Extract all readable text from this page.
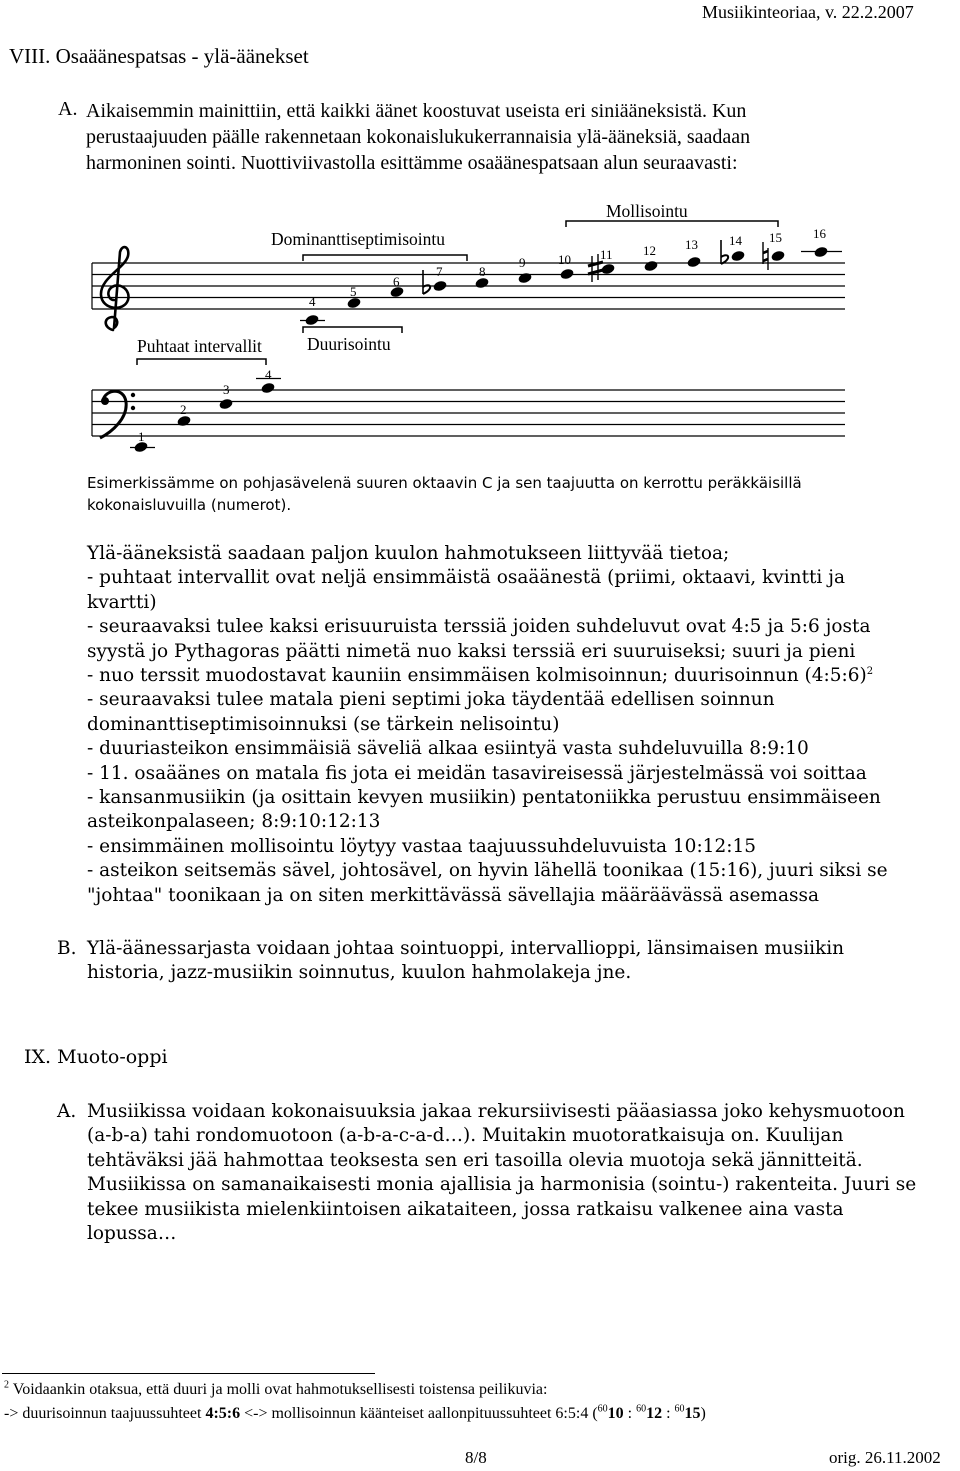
Musiikinteoriaa, v. 22.2.2007
VIII. Osaäänespatsas - ylä-äänekset
A. Aikaisemmin mainittiin, että kaikki äänet koostuvat useista eri siniääneksistä. Kun
perustaajuuden päälle rakennetaan kokonaislukukerrannaisia ylä-ääneksiä, saadaan
harmoninen sointi. Nuottiviivastolla esittämme osaäänespatsaan alun seuraavasti:
Mollisointu
Dominanttiseptimisointu
Puhtaat intervallit	Duurisointu
1
2
3
4
4
5
6
7	8
9	10 11 12 13 14 15 16
Esimerkissämme on pohjasävelenä suuren oktaavin C ja sen taajuutta on kerrottu peräkkäisillä
kokonaisluvuilla (numerot).
Ylä-ääneksistä saadaan paljon kuulon hahmotukseen liittyvää tietoa;
- puhtaat intervallit ovat neljä ensimmäistä osaäänestä (priimi, oktaavi, kvintti ja
kvartti)
- seuraavaksi tulee kaksi erisuuruista terssiä joiden suhdeluvut ovat 4:5 ja 5:6 josta
syystä jo Pythagoras päätti nimetä nuo kaksi terssiä eri suuruiseksi; suuri ja pieni
- nuo terssit muodostavat kauniin ensimmäisen kolmisoinnun; duurisoinnun (4:5:6)$^2$
- seuraavaksi tulee matala pieni septimi joka täydentää edellisen soinnun
dominanttiseptimisoinnuksi (se tärkein nelisointu)
- duuriasteikon ensimmäisiä säveliä alkaa esiintyä vasta suhdeluvuilla 8:9:10
- 11. osaäänes on matala fis jota ei meidän tasavireisessä järjestelmässä voi soittaa
- kansanmusiikin (ja osittain kevyen musiikin) pentatoniikka perustuu ensimmäiseen
asteikonpalaseen; 8:9:10:12:13
- ensimmäinen mollisointu löytyy vastaa taajuussuhdeluvuista 10:12:15
- asteikon seitsemäs sävel, johtosävel, on hyvin lähellä toonikaa (15:16), juuri siksi se
"johtaa" toonikaan ja on siten merkittävässä sävellajia määräävässä asemassa
B. Ylä-äänessarjasta voidaan johtaa sointuoppi, intervallioppi, länsimaisen musiikin
historia, jazz-musiikin soinnutus, kuulon hahmolakeja jne.
IX. Muoto-oppi
A. Musiikissa voidaan kokonaisuuksia jakaa rekursiivisesti pääasiassa joko kehysmuotoon
(a-b-a) tahi rondomuotoon (a-b-a-c-a-d…). Muitakin muotoratkaisuja on. Kuulijan
tehtäväksi jää hahmottaa teoksesta sen eri tasoilla olevia muotoja sekä jännitteitä.
Musiikissa on samanaikaisesti monia ajallisia ja harmonisia (sointu-) rakenteita. Juuri se
tekee musiikista mielenkiintoisen aikataiteen, jossa ratkaisu valkenee aina vasta
lopussa…
$^2$ Voidaankin otaksua, että duuri ja molli ovat hahmotuksellisesti toistensa peilikuvia:
-> duurisoinnun taajuussuhteet 4:5:6 <-> mollisoinnun käänteiset aallonpituussuhteet 6:5:4 ($^{60}$10 : $^{60}$12 : $^{60}$15)
8/8	orig. 26.11.2002
